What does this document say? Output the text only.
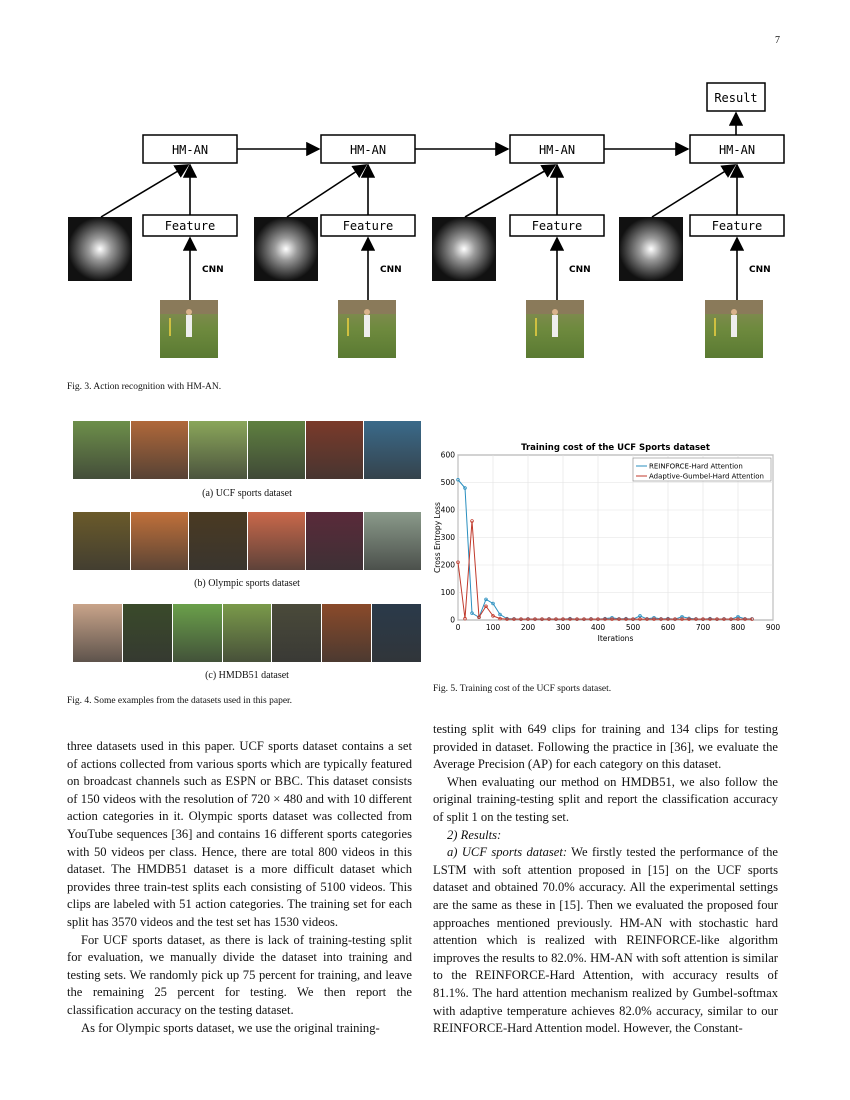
7
Result
HM-AN
Feature
CNN
HM-AN
Feature
CNN
HM-AN
Feature
CNN
HM-AN
Feature
CNN
Fig. 3. Action recognition with HM-AN.
(a) UCF sports dataset
(b) Olympic sports dataset
(c) HMDB51 dataset
Fig. 4. Some examples from the datasets used in this paper.
Training cost of the UCF Sports dataset
0	100	200	300	400	500	600	700	800	900
0
100
200
300
400
500
600
Iterations
Cross Entropy Loss
REINFORCE-Hard Attention
Adaptive-Gumbel-Hard Attention
Fig. 5. Training cost of the UCF sports dataset.

three datasets used in this paper. UCF sports dataset contains a set of actions collected from various sports which are typically featured on broadcast channels such as ESPN or BBC. This dataset consists of 150 videos with the resolution of 720 × 480 and with 10 different action categories in it. Olympic sports dataset was collected from YouTube sequences [36] and contains 16 different sports categories with 50 videos per class. Hence, there are total 800 videos in this dataset. The HMDB51 dataset is a more difficult dataset which provides three train-test splits each consisting of 5100 videos. This clips are labeled with 51 action categories. The training set for each split has 3570 videos and the test set has 1530 videos.

For UCF sports dataset, as there is lack of training-testing split for evaluation, we manually divide the dataset into training and testing sets. We randomly pick up 75 percent for training, and leave the remaining 25 percent for testing. We then report the classification accuracy on the testing dataset.

As for Olympic sports dataset, we use the original training-

testing split with 649 clips for training and 134 clips for testing provided in dataset. Following the practice in [36], we evaluate the Average Precision (AP) for each category on this dataset.

When evaluating our method on HMDB51, we also follow the original training-testing split and report the classification accuracy of split 1 on the testing set.

2) Results:

a) UCF sports dataset: We firstly tested the performance of the LSTM with soft attention proposed in [15] on the UCF sports dataset and obtained 70.0% accuracy. All the experimental settings are the same as these in [15]. Then we evaluated the proposed four approaches mentioned previously. HM-AN with stochastic hard attention which is realized with REINFORCE-like algorithm improves the results to 82.0%. HM-AN with soft attention is similar to the REINFORCE-Hard Attention, with accuracy results of 81.1%. The hard attention mechanism realized by Gumbel-softmax with adaptive temperature achieves 82.0% accuracy, similar to our REINFORCE-Hard Attention model. However, the Constant-
